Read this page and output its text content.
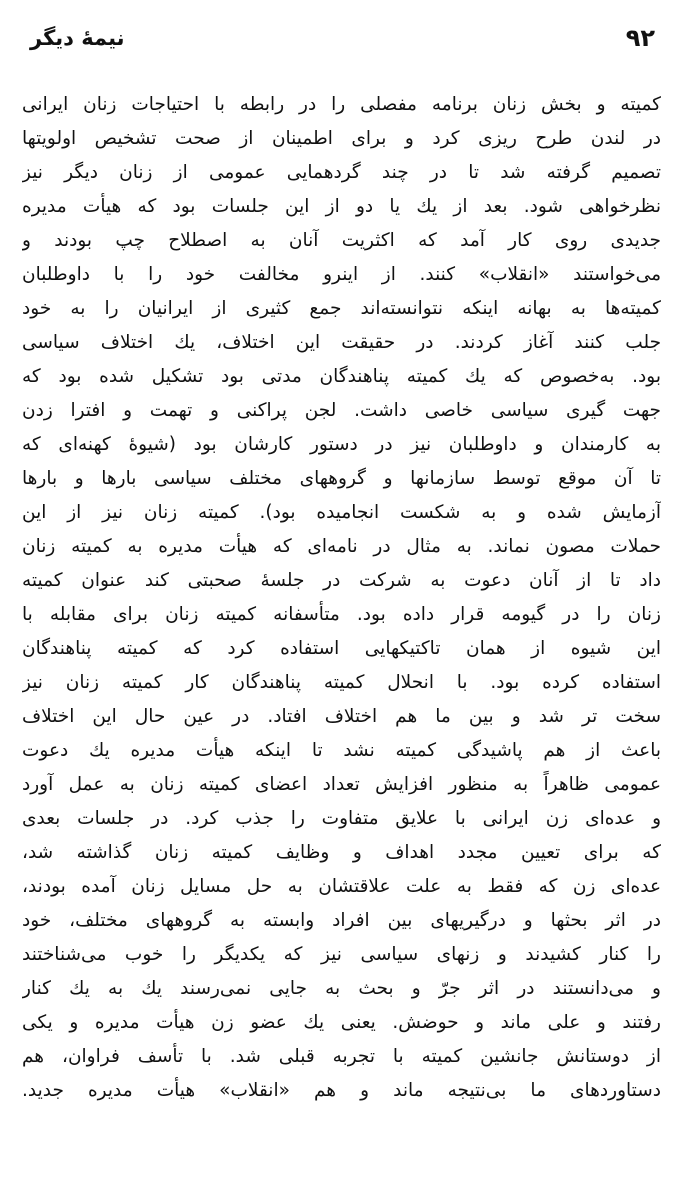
۹۲
نیمهٔ دیگر
کمیته و بخش زنان برنامه مفصلی را در رابطه با احتیاجات زنان ایرانی
در لندن طرح ریزی کرد و برای اطمینان از صحت تشخیص اولویتها
تصمیم گرفته شد تا در چند گردهمایی عمومی از زنان دیگر نیز
نظرخواهی شود. بعد از یك یا دو از این جلسات بود که هیأت مدیره
جدیدی روی کار آمد که اکثریت آنان به اصطلاح چپ بودند و
می‌خواستند «انقلاب» کنند. از اینرو مخالفت خود را با داوطلبان
کمیته‌ها به بهانه اینکه نتوانسته‌اند جمع کثیری از ایرانیان را به خود
جلب کنند آغاز کردند. در حقیقت این اختلاف، یك اختلاف سیاسی
بود. به‌خصوص که یك کمیته پناهندگان مدتی بود تشکیل شده بود که
جهت گیری سیاسی خاصی داشت. لجن پراکنی و تهمت و افترا زدن
به کارمندان و داوطلبان نیز در دستور کارشان بود (شیوهٔ کهنه‌ای که
تا آن موقع توسط سازمانها و گروههای مختلف سیاسی بارها و بارها
آزمایش شده و به شکست انجامیده بود). کمیته زنان نیز از این
حملات مصون نماند. به مثال در نامه‌ای که هیأت مدیره به کمیته زنان
داد تا از آنان دعوت به شرکت در جلسهٔ صحبتی کند عنوان کمیته
زنان را در گیومه قرار داده بود. متأسفانه کمیته زنان برای مقابله با
این شیوه از همان تاکتیکهایی استفاده کرد که کمیته پناهندگان
استفاده کرده بود. با انحلال کمیته پناهندگان کار کمیته زنان نیز
سخت تر شد و بین ما هم اختلاف افتاد. در عین حال این اختلاف
باعث از هم پاشیدگی کمیته نشد تا اینکه هیأت مدیره یك دعوت
عمومی ظاهراً به منظور افزایش تعداد اعضای کمیته زنان به عمل آورد
و عده‌ای زن ایرانی با علایق متفاوت را جذب کرد. در جلسات بعدی
که برای تعیین مجدد اهداف و وظایف کمیته زنان گذاشته شد،
عده‌ای زن که فقط به علت علاقتشان به حل مسایل زنان آمده بودند،
در اثر بحثها و درگیریهای بین افراد وابسته به گروههای مختلف، خود
را کنار کشیدند و زنهای سیاسی نیز که یکدیگر را خوب می‌شناختند
و می‌دانستند در اثر جرّ و بحث به جایی نمی‌رسند یك به یك کنار
رفتند و علی ماند و حوضش. یعنی یك عضو زن هیأت مدیره و یکی
از دوستانش جانشین کمیته با تجربه قبلی شد. با تأسف فراوان، هم
دستاوردهای ما بی‌نتیجه ماند و هم «انقلاب» هیأت مدیره جدید.
